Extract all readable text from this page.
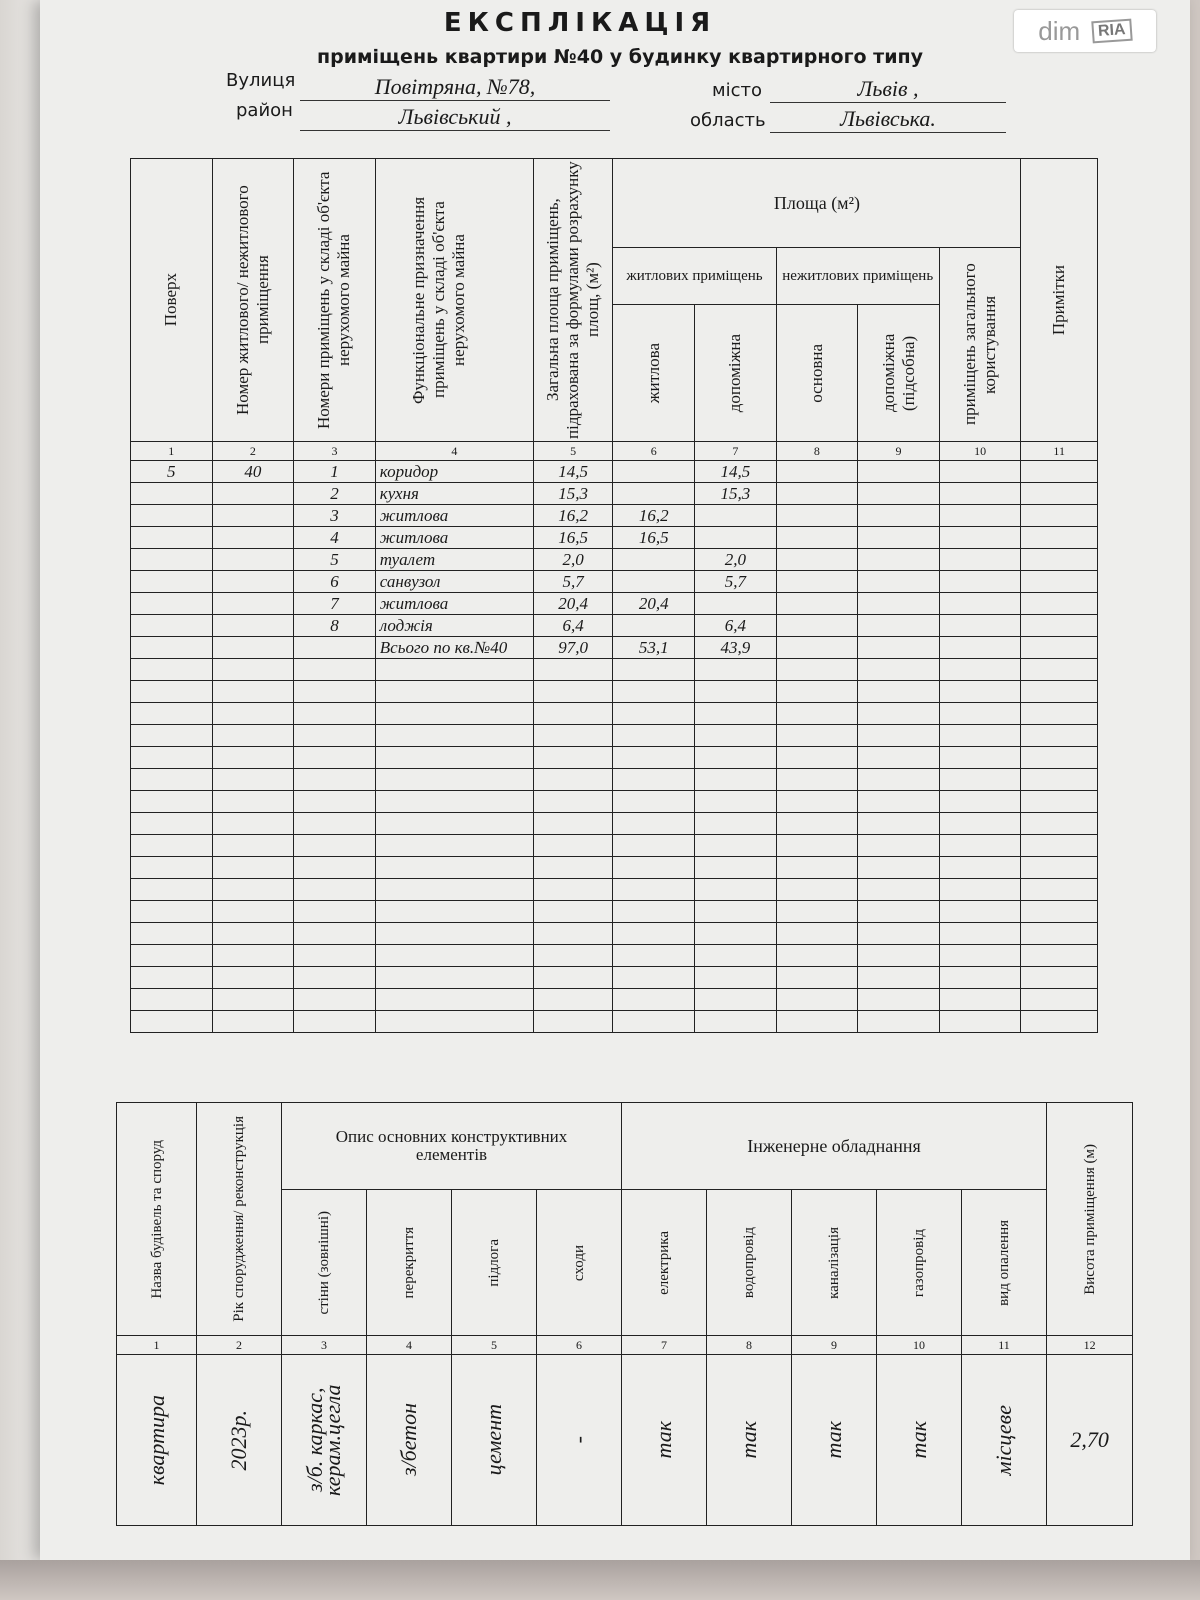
dim	RIA
ЕКСПЛІКАЦІЯ
приміщень квартири №40 у будинку квартирного типу
Вулиця	Повітряна, №78,
район	Львівський ,
місто	Львів ,
область	Львівська.
Поверх	Номер житлового/ нежитлового приміщення	Номери приміщень у складі об'єкта нерухомого майна	Функціональне призначення приміщень у складі об'єкта нерухомого майна	Загальна площа приміщень, підрахована за формулами розрахунку площ, (м²)	Площа (м²)					Примітки

					житлових приміщень		нежитлових приміщень		приміщень загального користування	

					житлова	допоміжна	основна	допоміжна (підсобна)		

1	2	3	4	5	6	7	8	9	10	11
5	40	1	коридор	14,5		14,5				
		2	кухня	15,3		15,3				
		3	житлова	16,2	16,2					
		4	житлова	16,5	16,5					
		5	туалет	2,0		2,0				
		6	санвузол	5,7		5,7				
		7	житлова	20,4	20,4					
		8	лоджія	6,4		6,4				
			Всього по кв.№40	97,0	53,1	43,9				

Назва будівель та споруд	Рік спорудження/ реконструкція	Опис основних конструктивних елементів				Інженерне обладнання					Висота приміщення (м)

		стіни (зовнішні)	перекриття	підлога	сходи	електрика	водопровід	каналізація	газопровід	вид опалення	

1	2	3	4	5	6	7	8	9	10	11	12

квартира	2023р.	з/б. каркас, керам.цегла	з/бетон	цемент	-	так	так	так	так	місцеве	2,70
